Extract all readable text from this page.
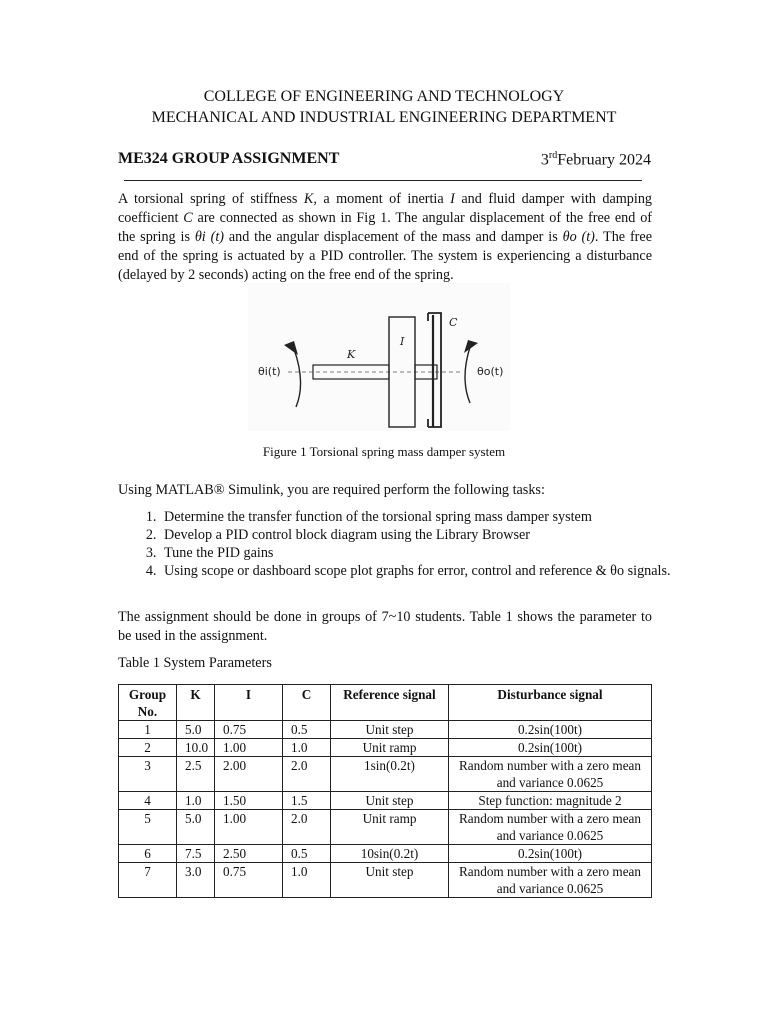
COLLEGE OF ENGINEERING AND TECHNOLOGY
MECHANICAL AND INDUSTRIAL ENGINEERING DEPARTMENT
ME324 GROUP ASSIGNMENT	3rdFebruary 2024
A torsional spring of stiffness K, a moment of inertia I and fluid damper with damping coefficient C are connected as shown in Fig 1. The angular displacement of the free end of the spring is θi (t) and the angular displacement of the mass and damper is θo (t). The free end of the spring is actuated by a PID controller. The system is experiencing a disturbance (delayed by 2 seconds) acting on the free end of the spring.
C
I
K
θi(t)	θo(t)
Figure 1 Torsional spring mass damper system
Using MATLAB® Simulink, you are required perform the following tasks:
1. Determine the transfer function of the torsional spring mass damper system
2. Develop a PID control block diagram using the Library Browser
3. Tune the PID gains
4. Using scope or dashboard scope plot graphs for error, control and reference & θo signals.
The assignment should be done in groups of 7~10 students. Table 1 shows the parameter to be used in the assignment.
Table 1 System Parameters
Group No.	K	I	C	Reference signal	Disturbance signal
1	5.0	0.75	0.5	Unit step	0.2sin(100t)
2	10.0	1.00	1.0	Unit ramp	0.2sin(100t)
3	2.5	2.00	2.0	1sin(0.2t)	Random number with a zero mean and variance 0.0625
4	1.0	1.50	1.5	Unit step	Step function: magnitude 2
5	5.0	1.00	2.0	Unit ramp	Random number with a zero mean and variance 0.0625
6	7.5	2.50	0.5	10sin(0.2t)	0.2sin(100t)
7	3.0	0.75	1.0	Unit step	Random number with a zero mean and variance 0.0625
